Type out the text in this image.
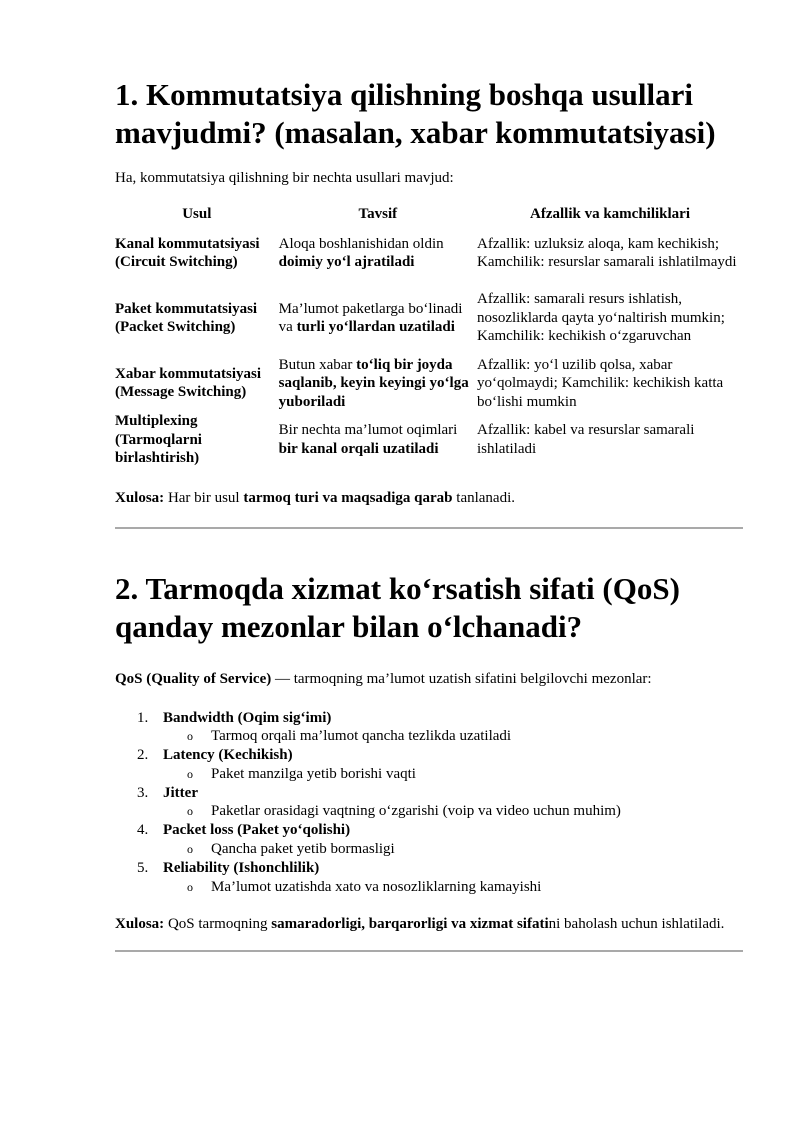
1. Kommutatsiya qilishning boshqa usullari mavjudmi? (masalan, xabar kommutatsiyasi)

Ha, kommutatsiya qilishning bir nechta usullari mavjud:

Usul	Tavsif	Afzallik va kamchiliklari
Kanal kommutatsiyasi
(Circuit Switching)	Aloqa boshlanishidan oldin doimiy yo‘l ajratiladi	Afzallik: uzluksiz aloqa, kam kechikish; Kamchilik: resurslar samarali ishlatilmaydi
Paket kommutatsiyasi
(Packet Switching)	Ma’lumot paketlarga bo‘linadi va turli yo‘llardan uzatiladi	Afzallik: samarali resurs ishlatish, nosozliklarda qayta yo‘naltirish mumkin; Kamchilik: kechikish o‘zgaruvchan
Xabar kommutatsiyasi
(Message Switching)	Butun xabar to‘liq bir joyda saqlanib, keyin keyingi yo‘lga yuboriladi	Afzallik: yo‘l uzilib qolsa, xabar yo‘qolmaydi; Kamchilik: kechikish katta bo‘lishi mumkin
Multiplexing
(Tarmoqlarni birlashtirish)	Bir nechta ma’lumot oqimlari bir kanal orqali uzatiladi	Afzallik: kabel va resurslar samarali ishlatiladi

Xulosa: Har bir usul tarmoq turi va maqsadiga qarab tanlanadi.

2. Tarmoqda xizmat ko‘rsatish sifati (QoS) qanday mezonlar bilan o‘lchanadi?

QoS (Quality of Service) — tarmoqning ma’lumot uzatish sifatini belgilovchi mezonlar:

1. Bandwidth (Oqim sig‘imi)
o Tarmoq orqali ma’lumot qancha tezlikda uzatiladi
2. Latency (Kechikish)
o Paket manzilga yetib borishi vaqti
3. Jitter
o Paketlar orasidagi vaqtning o‘zgarishi (voip va video uchun muhim)
4. Packet loss (Paket yo‘qolishi)
o Qancha paket yetib bormasligi
5. Reliability (Ishonchlilik)
o Ma’lumot uzatishda xato va nosozliklarning kamayishi

Xulosa: QoS tarmoqning samaradorligi, barqarorligi va xizmat sifatini baholash uchun ishlatiladi.
